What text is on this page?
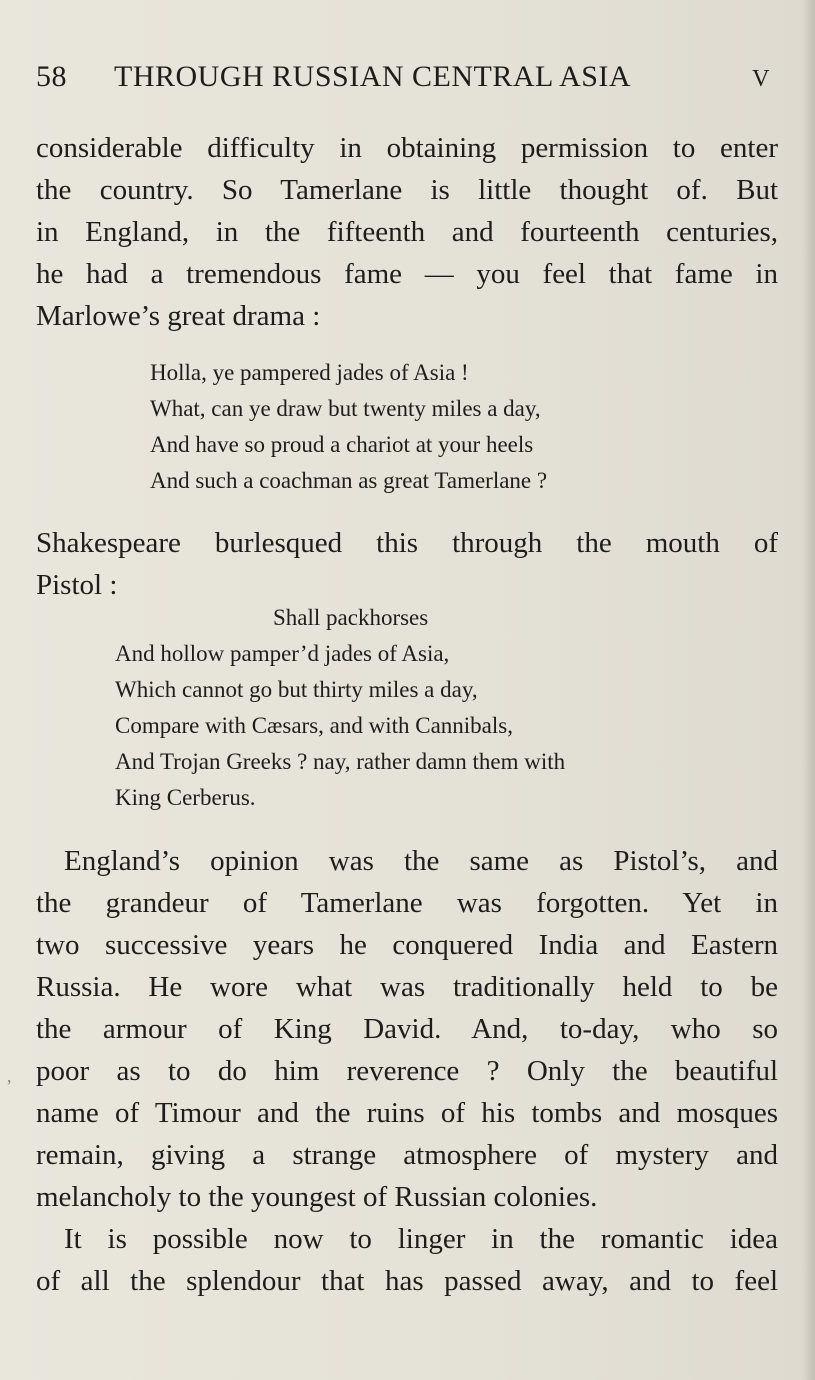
58 THROUGH RUSSIAN CENTRAL ASIA	V
considerable difficulty in obtaining permission to enter
the country. So Tamerlane is little thought of. But
in England, in the fifteenth and fourteenth centuries,
he had a tremendous fame — you feel that fame in
Marlowe’s great drama :
Holla, ye pampered jades of Asia !
What, can ye draw but twenty miles a day,
And have so proud a chariot at your heels
And such a coachman as great Tamerlane ?
Shakespeare burlesqued this through the mouth of
Pistol :
Shall packhorses
And hollow pamper’d jades of Asia,
Which cannot go but thirty miles a day,
Compare with Cæsars, and with Cannibals,
And Trojan Greeks ? nay, rather damn them with
King Cerberus.
England’s opinion was the same as Pistol’s, and
the grandeur of Tamerlane was forgotten. Yet in
two successive years he conquered India and Eastern
Russia. He wore what was traditionally held to be
the armour of King David. And, to-day, who so
poor as to do him reverence ? Only the beautiful
name of Timour and the ruins of his tombs and mosques
remain, giving a strange atmosphere of mystery and
melancholy to the youngest of Russian colonies.
It is possible now to linger in the romantic idea
of all the splendour that has passed away, and to feel
,
